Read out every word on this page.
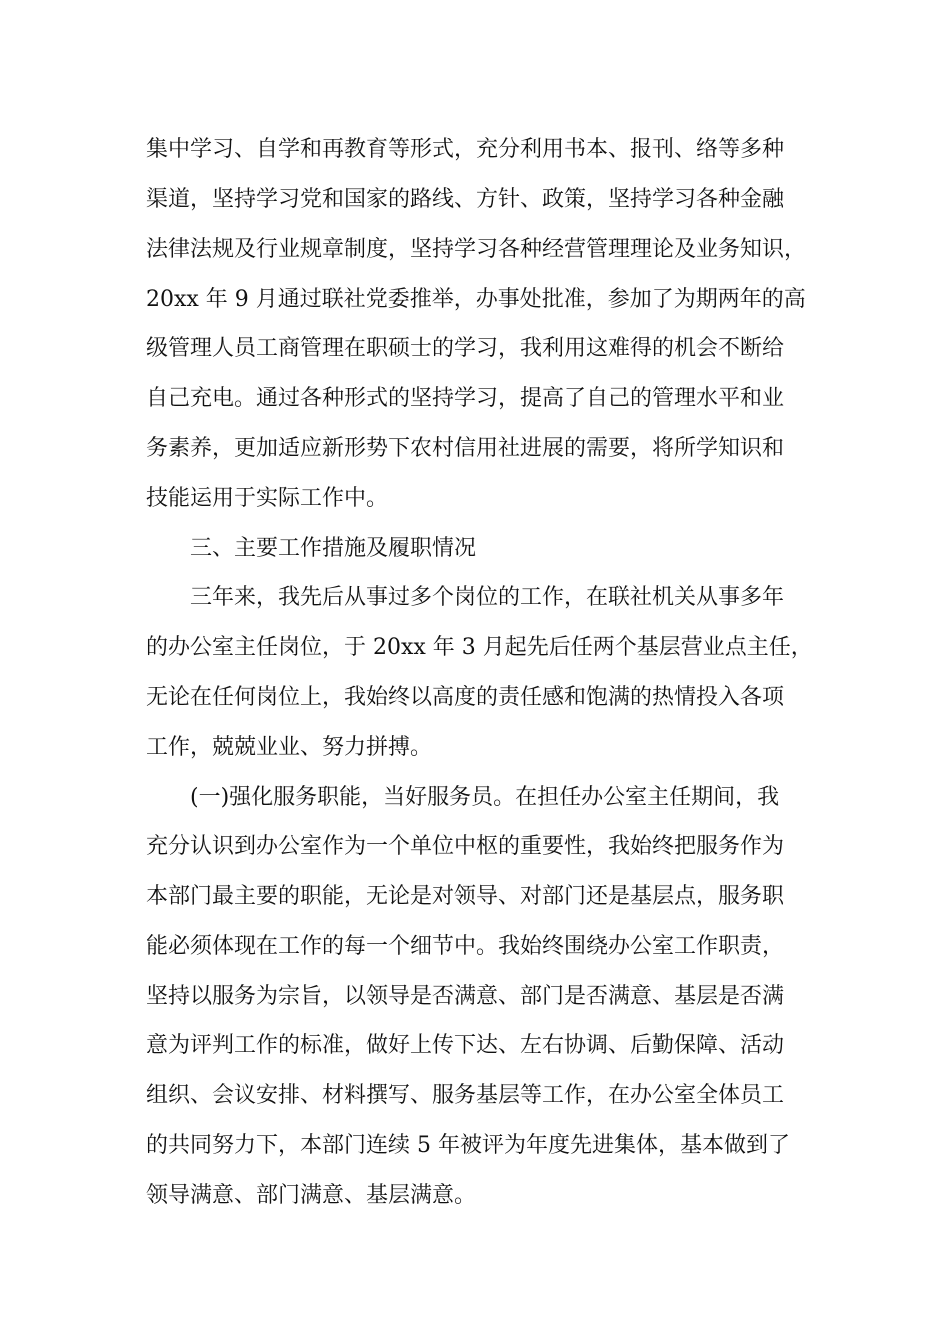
集中学习、自学和再教育等形式，充分利用书本、报刊、络等多种
渠道，坚持学习党和国家的路线、方针、政策，坚持学习各种金融
法律法规及行业规章制度，坚持学习各种经营管理理论及业务知识，
20xx 年 9 月通过联社党委推举，办事处批准，参加了为期两年的高
级管理人员工商管理在职硕士的学习，我利用这难得的机会不断给
自己充电。通过各种形式的坚持学习，提高了自己的管理水平和业
务素养，更加适应新形势下农村信用社进展的需要，将所学知识和
技能运用于实际工作中。
三、主要工作措施及履职情况
三年来，我先后从事过多个岗位的工作，在联社机关从事多年
的办公室主任岗位，于 20xx 年 3 月起先后任两个基层营业点主任，
无论在任何岗位上，我始终以高度的责任感和饱满的热情投入各项
工作，兢兢业业、努力拼搏。
(一)强化服务职能，当好服务员。在担任办公室主任期间，我
充分认识到办公室作为一个单位中枢的重要性，我始终把服务作为
本部门最主要的职能，无论是对领导、对部门还是基层点，服务职
能必须体现在工作的每一个细节中。我始终围绕办公室工作职责，
坚持以服务为宗旨，以领导是否满意、部门是否满意、基层是否满
意为评判工作的标准，做好上传下达、左右协调、后勤保障、活动
组织、会议安排、材料撰写、服务基层等工作，在办公室全体员工
的共同努力下，本部门连续 5 年被评为年度先进集体，基本做到了
领导满意、部门满意、基层满意。
